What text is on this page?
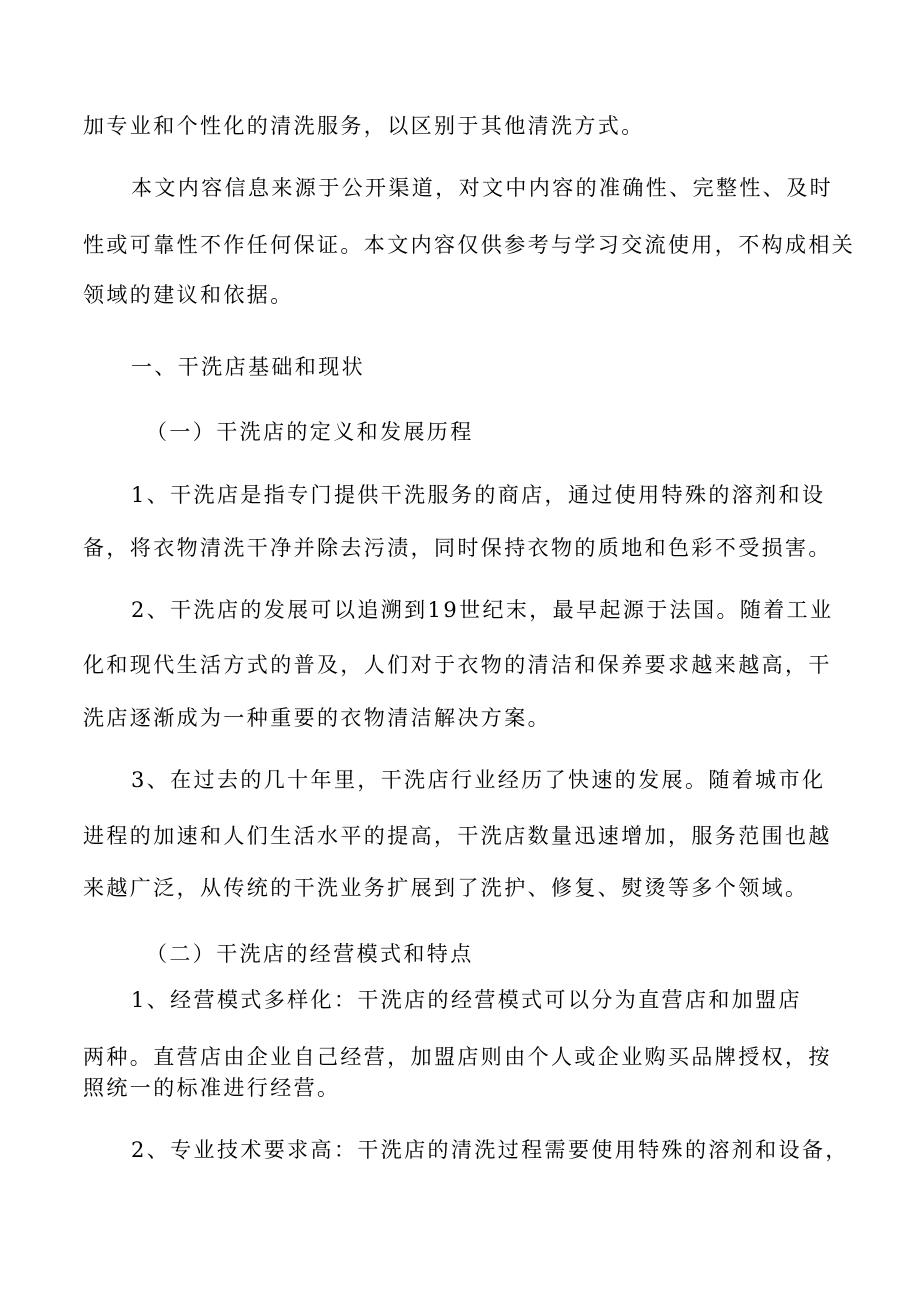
加专业和个性化的清洗服务，以区别于其他清洗方式。

本文内容信息来源于公开渠道，对文中内容的准确性、完整性、及时

性或可靠性不作任何保证。本文内容仅供参考与学习交流使用，不构成相关

领域的建议和依据。

一、干洗店基础和现状

（一）干洗店的定义和发展历程

1、干洗店是指专门提供干洗服务的商店，通过使用特殊的溶剂和设

备，将衣物清洗干净并除去污渍，同时保持衣物的质地和色彩不受损害。

2、干洗店的发展可以追溯到19世纪末，最早起源于法国。随着工业

化和现代生活方式的普及，人们对于衣物的清洁和保养要求越来越高，干

洗店逐渐成为一种重要的衣物清洁解决方案。

3、在过去的几十年里，干洗店行业经历了快速的发展。随着城市化

进程的加速和人们生活水平的提高，干洗店数量迅速增加，服务范围也越

来越广泛，从传统的干洗业务扩展到了洗护、修复、熨烫等多个领域。

（二）干洗店的经营模式和特点

1、经营模式多样化：干洗店的经营模式可以分为直营店和加盟店

两种。直营店由企业自己经营，加盟店则由个人或企业购买品牌授权，按

照统一的标准进行经营。

2、专业技术要求高：干洗店的清洗过程需要使用特殊的溶剂和设备，
